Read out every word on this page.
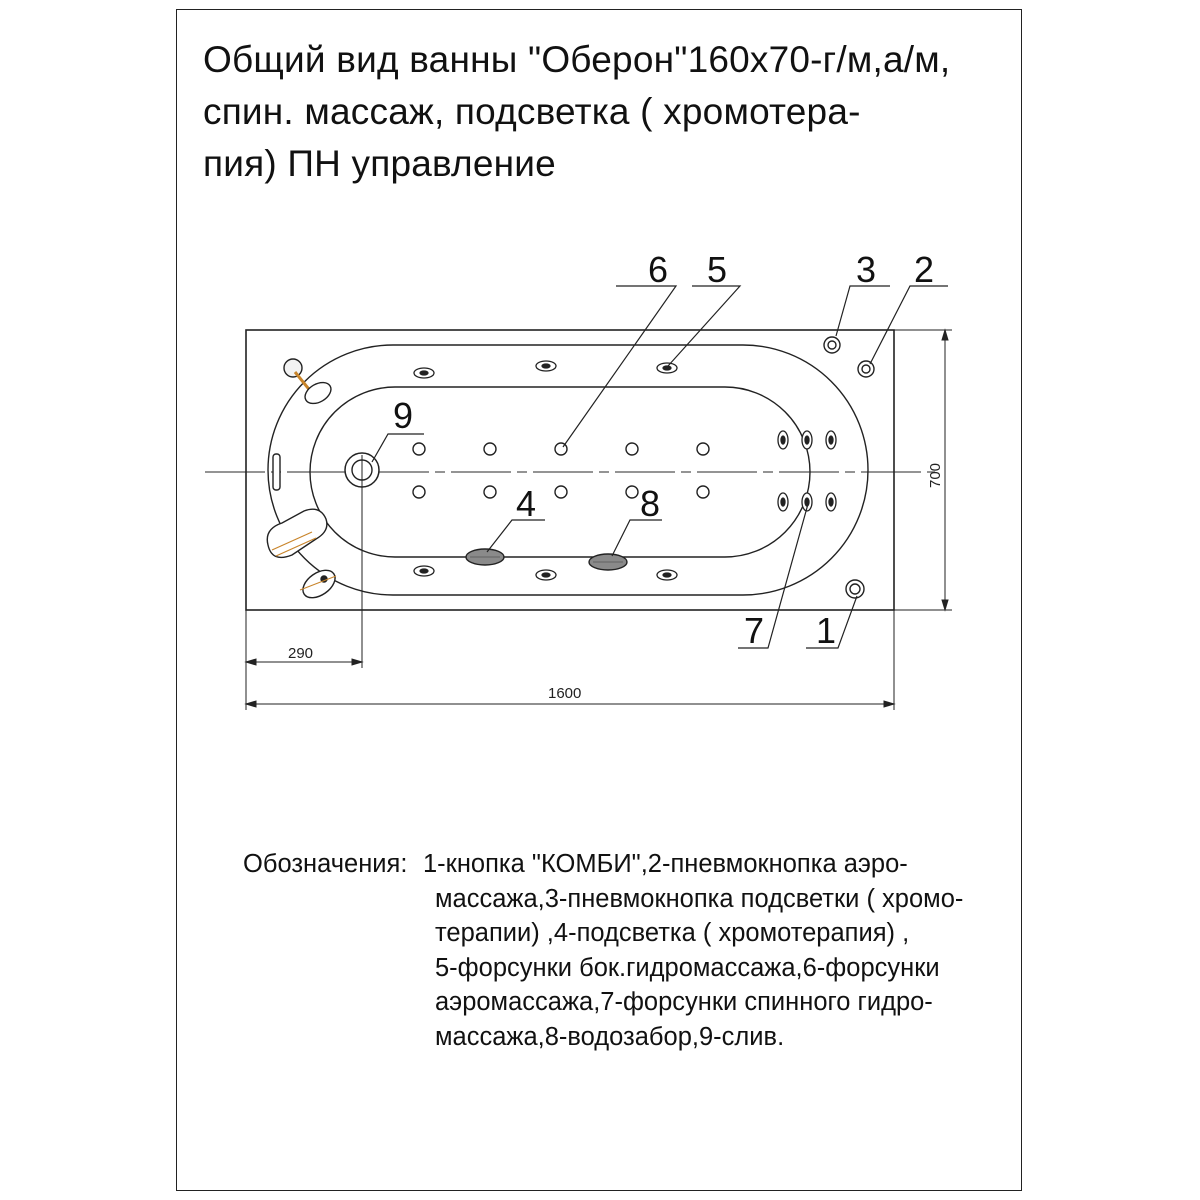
Общий вид ванны "Оберон"160х70-г/м,а/м,
спин. массаж, подсветка ( хромотера-
пия) ПН управление
1
2
3
4
5
6
7
8
9
700
290
1600
Обозначения: 1-кнопка "КОМБИ",2-пневмокнопка аэро-
массажа,3-пневмокнопка подсветки ( хромо-
терапии) ,4-подсветка ( хромотерапия) ,
5-форсунки бок.гидромассажа,6-форсунки
аэромассажа,7-форсунки спинного гидро-
массажа,8-водозабор,9-слив.
